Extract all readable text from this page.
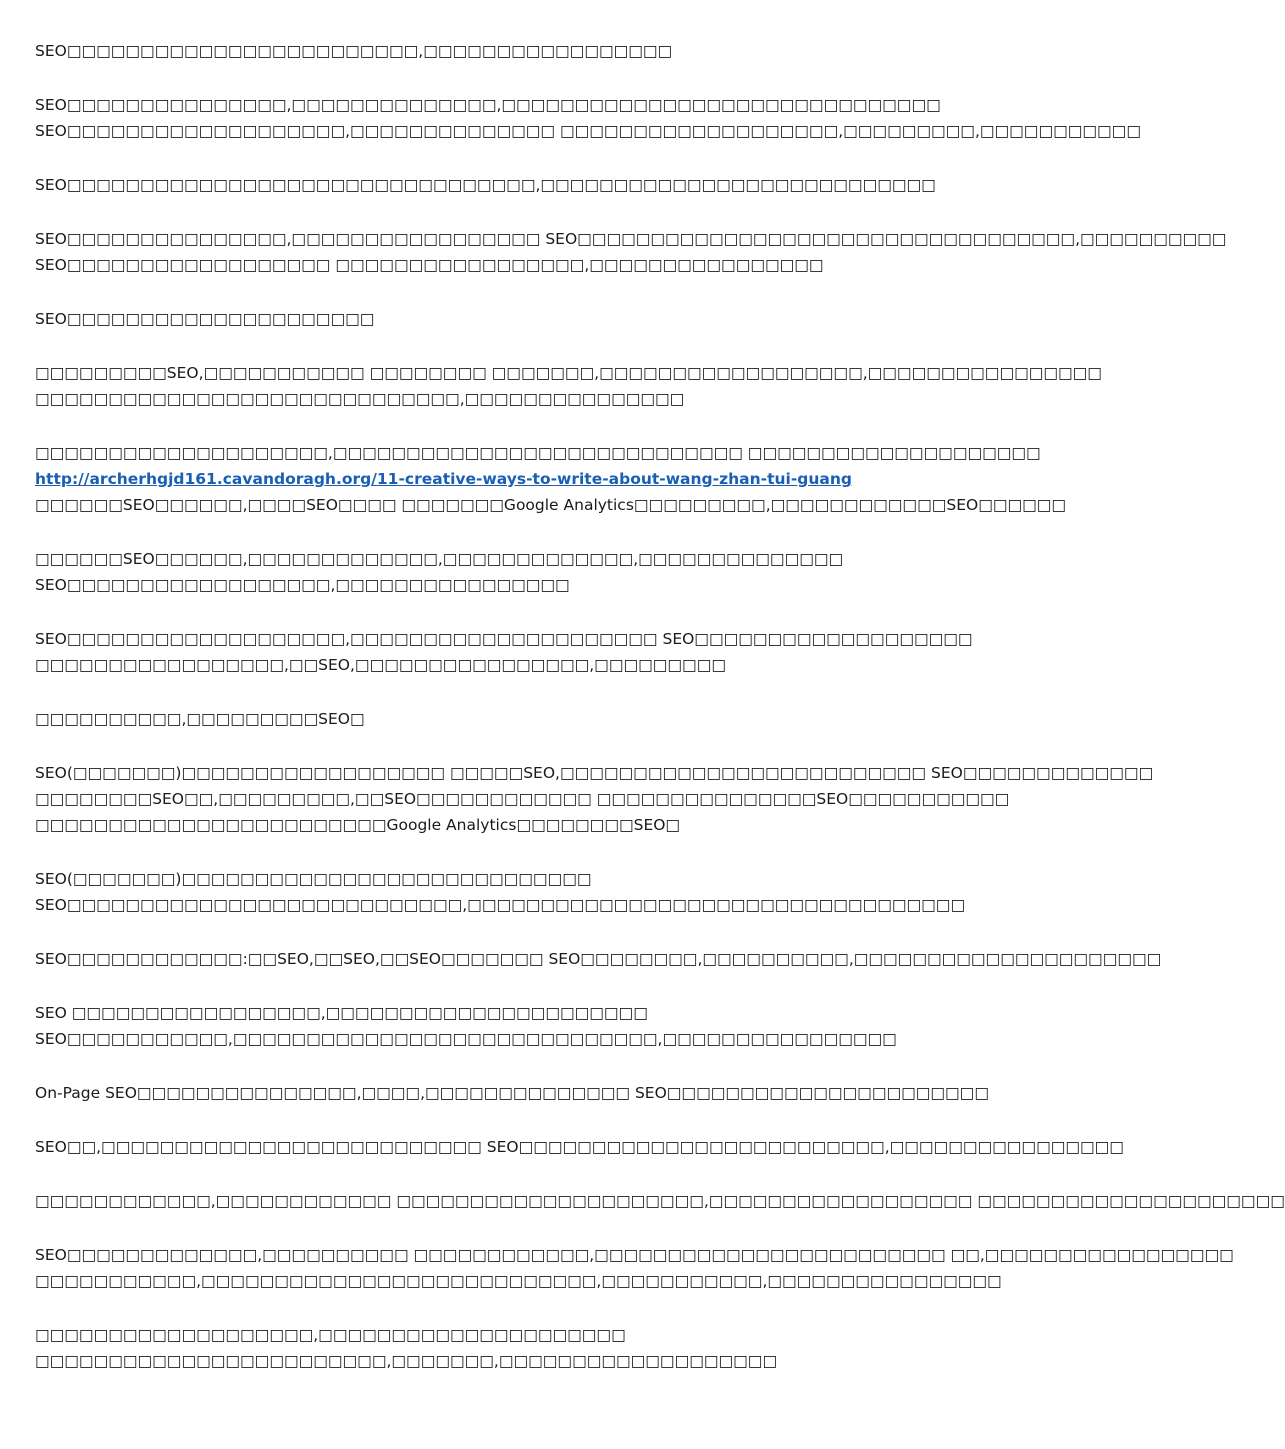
SEO□□□□□□□□□□□□□□□□□□□□□□□□,□□□□□□□□□□□□□□□□□
SEO□□□□□□□□□□□□□□□,□□□□□□□□□□□□□□,□□□□□□□□□□□□□□□□□□□□□□□□□□□□□□
SEO□□□□□□□□□□□□□□□□□□□,□□□□□□□□□□□□□□ □□□□□□□□□□□□□□□□□□□,□□□□□□□□□,□□□□□□□□□□□
SEO□□□□□□□□□□□□□□□□□□□□□□□□□□□□□□□□,□□□□□□□□□□□□□□□□□□□□□□□□□□□
SEO□□□□□□□□□□□□□□□,□□□□□□□□□□□□□□□□□ SEO□□□□□□□□□□□□□□□□□□□□□□□□□□□□□□□□□□,□□□□□□□□□□
SEO□□□□□□□□□□□□□□□□□□ □□□□□□□□□□□□□□□□□,□□□□□□□□□□□□□□□□
SEO□□□□□□□□□□□□□□□□□□□□□
□□□□□□□□□SEO,□□□□□□□□□□□ □□□□□□□□ □□□□□□□,□□□□□□□□□□□□□□□□□□,□□□□□□□□□□□□□□□□
□□□□□□□□□□□□□□□□□□□□□□□□□□□□□,□□□□□□□□□□□□□□□
□□□□□□□□□□□□□□□□□□□□,□□□□□□□□□□□□□□□□□□□□□□□□□□□□ □□□□□□□□□□□□□□□□□□□□
http://archerhgjd161.cavandoragh.org/11-creative-ways-to-write-about-wang-zhan-tui-guang
□□□□□□SEO□□□□□□,□□□□SEO□□□□ □□□□□□□Google Analytics□□□□□□□□□,□□□□□□□□□□□□SEO□□□□□□
□□□□□□SEO□□□□□□,□□□□□□□□□□□□□,□□□□□□□□□□□□□,□□□□□□□□□□□□□□
SEO□□□□□□□□□□□□□□□□□□,□□□□□□□□□□□□□□□□
SEO□□□□□□□□□□□□□□□□□□□,□□□□□□□□□□□□□□□□□□□□□ SEO□□□□□□□□□□□□□□□□□□□
□□□□□□□□□□□□□□□□□,□□SEO,□□□□□□□□□□□□□□□□,□□□□□□□□□
□□□□□□□□□□,□□□□□□□□□SEO□
SEO(□□□□□□□)□□□□□□□□□□□□□□□□□□ □□□□□SEO,□□□□□□□□□□□□□□□□□□□□□□□□□ SEO□□□□□□□□□□□□□
□□□□□□□□SEO□□,□□□□□□□□□,□□SEO□□□□□□□□□□□□ □□□□□□□□□□□□□□□SEO□□□□□□□□□□□
□□□□□□□□□□□□□□□□□□□□□□□□Google Analytics□□□□□□□□SEO□
SEO(□□□□□□□)□□□□□□□□□□□□□□□□□□□□□□□□□□□□
SEO□□□□□□□□□□□□□□□□□□□□□□□□□□□,□□□□□□□□□□□□□□□□□□□□□□□□□□□□□□□□□□
SEO□□□□□□□□□□□□:□□SEO,□□SEO,□□SEO□□□□□□□ SEO□□□□□□□□,□□□□□□□□□□,□□□□□□□□□□□□□□□□□□□□□
SEO □□□□□□□□□□□□□□□□□,□□□□□□□□□□□□□□□□□□□□□□
SEO□□□□□□□□□□□,□□□□□□□□□□□□□□□□□□□□□□□□□□□□□,□□□□□□□□□□□□□□□□
On-Page SEO□□□□□□□□□□□□□□□,□□□□,□□□□□□□□□□□□□□ SEO□□□□□□□□□□□□□□□□□□□□□□
SEO□□,□□□□□□□□□□□□□□□□□□□□□□□□□□ SEO□□□□□□□□□□□□□□□□□□□□□□□□□,□□□□□□□□□□□□□□□□
□□□□□□□□□□□□,□□□□□□□□□□□□ □□□□□□□□□□□□□□□□□□□□□,□□□□□□□□□□□□□□□□□□ □□□□□□□□□□□□□□□□□□□□□
SEO□□□□□□□□□□□□□,□□□□□□□□□□ □□□□□□□□□□□□,□□□□□□□□□□□□□□□□□□□□□□□□ □□,□□□□□□□□□□□□□□□□□
□□□□□□□□□□□,□□□□□□□□□□□□□□□□□□□□□□□□□□□,□□□□□□□□□□□,□□□□□□□□□□□□□□□□
□□□□□□□□□□□□□□□□□□□,□□□□□□□□□□□□□□□□□□□□□
□□□□□□□□□□□□□□□□□□□□□□□□,□□□□□□□,□□□□□□□□□□□□□□□□□□□
